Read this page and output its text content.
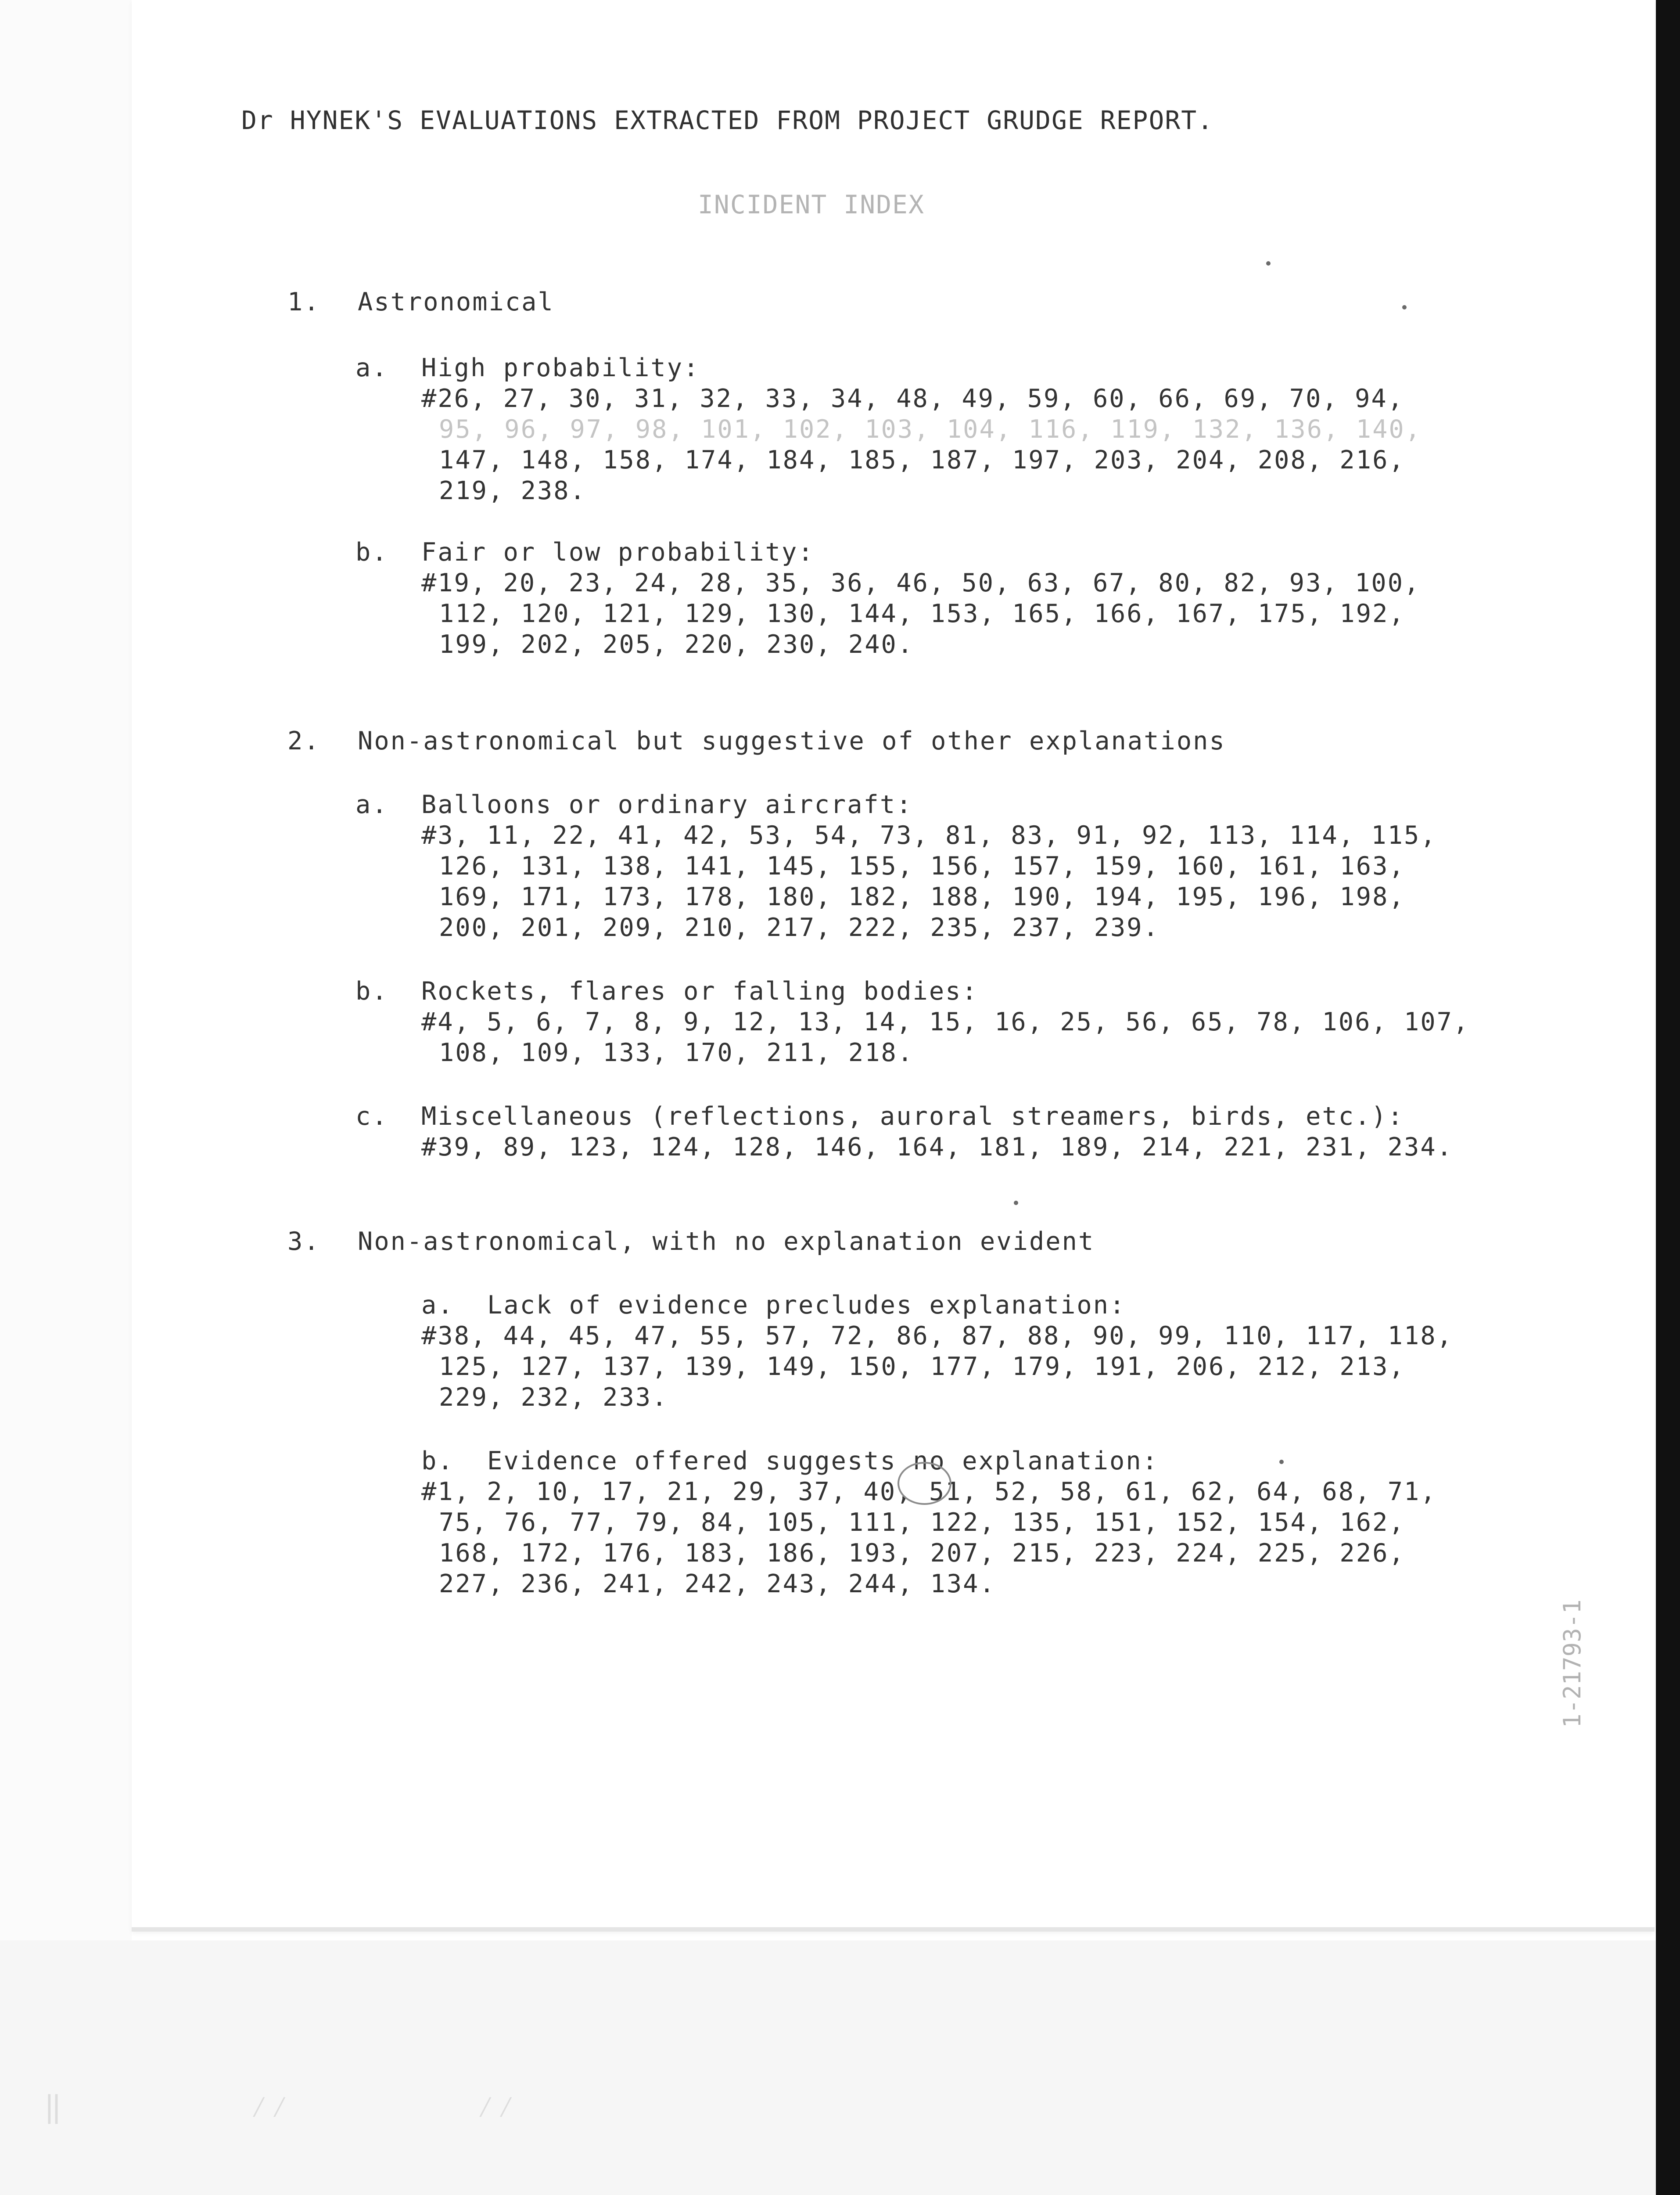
Dr HYNEK'S EVALUATIONS EXTRACTED FROM PROJECT GRUDGE REPORT.
INCIDENT INDEX
1. Astronomical
a. High probability:
#26, 27, 30, 31, 32, 33, 34, 48, 49, 59, 60, 66, 69, 70, 94,
95, 96, 97, 98, 101, 102, 103, 104, 116, 119, 132, 136, 140,
147, 148, 158, 174, 184, 185, 187, 197, 203, 204, 208, 216,
219, 238.
b. Fair or low probability:
#19, 20, 23, 24, 28, 35, 36, 46, 50, 63, 67, 80, 82, 93, 100,
112, 120, 121, 129, 130, 144, 153, 165, 166, 167, 175, 192,
199, 202, 205, 220, 230, 240.
2. Non-astronomical but suggestive of other explanations
a. Balloons or ordinary aircraft:
#3, 11, 22, 41, 42, 53, 54, 73, 81, 83, 91, 92, 113, 114, 115,
126, 131, 138, 141, 145, 155, 156, 157, 159, 160, 161, 163,
169, 171, 173, 178, 180, 182, 188, 190, 194, 195, 196, 198,
200, 201, 209, 210, 217, 222, 235, 237, 239.
b. Rockets, flares or falling bodies:
#4, 5, 6, 7, 8, 9, 12, 13, 14, 15, 16, 25, 56, 65, 78, 106, 107,
108, 109, 133, 170, 211, 218.
c. Miscellaneous (reflections, auroral streamers, birds, etc.):
#39, 89, 123, 124, 128, 146, 164, 181, 189, 214, 221, 231, 234.
3. Non-astronomical, with no explanation evident
a. Lack of evidence precludes explanation:
#38, 44, 45, 47, 55, 57, 72, 86, 87, 88, 90, 99, 110, 117, 118,
125, 127, 137, 139, 149, 150, 177, 179, 191, 206, 212, 213,
229, 232, 233.
b. Evidence offered suggests no explanation:
#1, 2, 10, 17, 21, 29, 37, 40, 51, 52, 58, 61, 62, 64, 68, 71,
75, 76, 77, 79, 84, 105, 111, 122, 135, 151, 152, 154, 162,
168, 172, 176, 183, 186, 193, 207, 215, 223, 224, 225, 226,
227, 236, 241, 242, 243, 244, 134.
1-21793-1
‖         ⁄⁄         ⁄⁄
